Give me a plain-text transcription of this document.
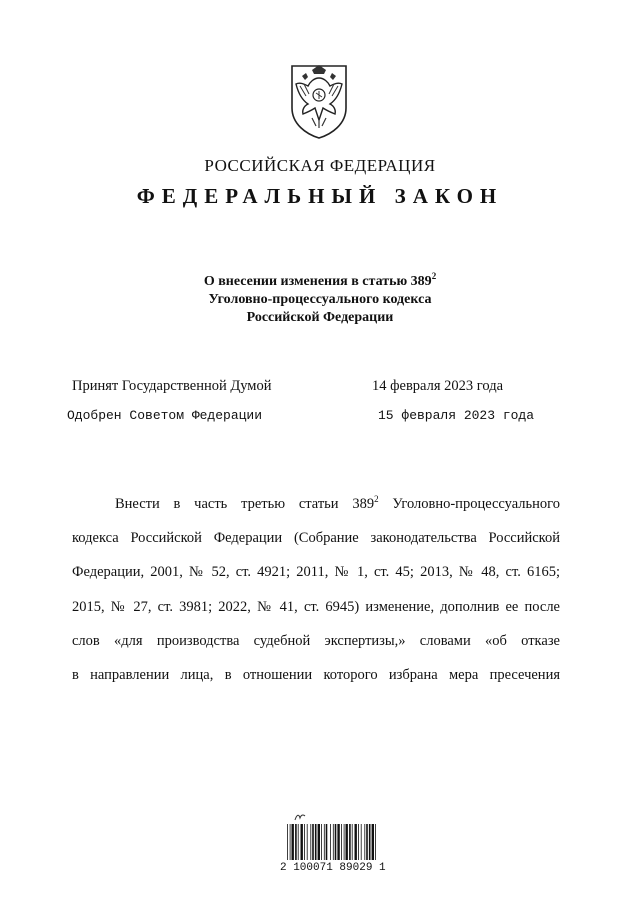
РОССИЙСКАЯ ФЕДЕРАЦИЯ
ФЕДЕРАЛЬНЫЙ ЗАКОН
О внесении изменения в статью $389^2$
Уголовно-процессуального кодекса
Российской Федерации
Принят Государственной Думой	14 февраля 2023 года
Одобрен Советом Федерации	15 февраля 2023 года
Внести в часть третью статьи $389^2$ Уголовно-процессуального
кодекса Российской Федерации (Собрание законодательства Российской
Федерации, 2001, № 52, ст. 4921; 2011, № 1, ст. 45; 2013, № 48, ст. 6165;
2015, № 27, ст. 3981; 2022, № 41, ст. 6945) изменение, дополнив ее после
слов «для производства судебной экспертизы,» словами «об отказе
в направлении лица, в отношении которого избрана мера пресечения
2 100071 89029 1
